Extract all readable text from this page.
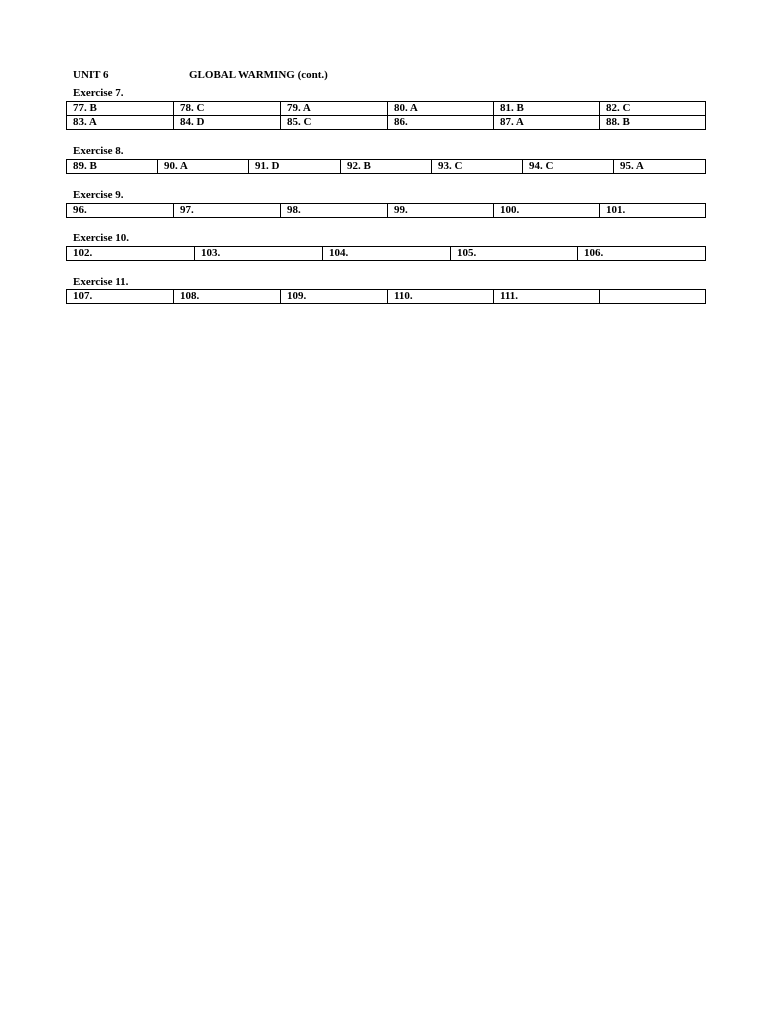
UNIT 6	GLOBAL WARMING (cont.)
Exercise 7.
77. B	78. C	79. A	80. A	81. B	82. C
83. A	84. D	85. C	86.	87. A	88. B
Exercise 8.
89. B	90. A	91. D	92. B	93. C	94. C	95. A
Exercise 9.
96.	97.	98.	99.	100.	101.
Exercise 10.
102.	103.	104.	105.	106.
Exercise 11.
107.	108.	109.	110.	111.	
